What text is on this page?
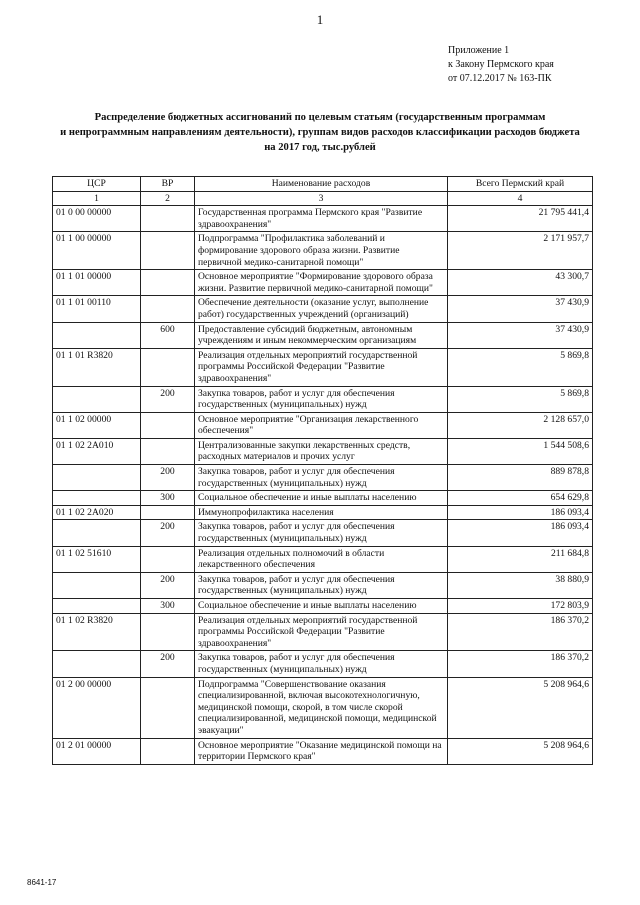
1
Приложение 1
к Закону Пермского края
от 07.12.2017 № 163-ПК
Распределение бюджетных ассигнований по целевым статьям (государственным программам
и непрограммным направлениям деятельности), группам видов расходов классификации расходов бюджета
на 2017 год, тыс.рублей
ЦСР	ВР	Наименование расходов	Всего Пермский край
1	2	3	4
01 0 00 00000		Государственная программа Пермского края "Развитие здравоохранения"	21 795 441,4
01 1 00 00000		Подпрограмма "Профилактика заболеваний и формирование здорового образа жизни. Развитие первичной медико-санитарной помощи"	2 171 957,7
01 1 01 00000		Основное мероприятие "Формирование здорового образа жизни. Развитие первичной медико-санитарной помощи"	43 300,7
01 1 01 00110		Обеспечение деятельности (оказание услуг, выполнение работ) государственных учреждений (организаций)	37 430,9
	600	Предоставление субсидий бюджетным, автономным учреждениям и иным некоммерческим организациям	37 430,9
01 1 01 R3820		Реализация отдельных мероприятий государственной программы Российской Федерации "Развитие здравоохранения"	5 869,8
	200	Закупка товаров, работ и услуг для обеспечения государственных (муниципальных) нужд	5 869,8
01 1 02 00000		Основное мероприятие "Организация лекарственного обеспечения"	2 128 657,0
01 1 02 2А010		Централизованные закупки лекарственных средств, расходных материалов и прочих услуг	1 544 508,6
	200	Закупка товаров, работ и услуг для обеспечения государственных (муниципальных) нужд	889 878,8
	300	Социальное обеспечение и иные выплаты населению	654 629,8
01 1 02 2А020		Иммунопрофилактика населения	186 093,4
	200	Закупка товаров, работ и услуг для обеспечения государственных (муниципальных) нужд	186 093,4
01 1 02 51610		Реализация отдельных полномочий в области лекарственного обеспечения	211 684,8
	200	Закупка товаров, работ и услуг для обеспечения государственных (муниципальных) нужд	38 880,9
	300	Социальное обеспечение и иные выплаты населению	172 803,9
01 1 02 R3820		Реализация отдельных мероприятий государственной программы Российской Федерации "Развитие здравоохранения"	186 370,2
	200	Закупка товаров, работ и услуг для обеспечения государственных (муниципальных) нужд	186 370,2
01 2 00 00000		Подпрограмма "Совершенствование оказания специализированной, включая высокотехнологичную, медицинской помощи, скорой, в том числе скорой специализированной, медицинской помощи, медицинской эвакуации"	5 208 964,6
01 2 01 00000		Основное мероприятие "Оказание медицинской помощи на территории Пермского края"	5 208 964,6
8641-17
